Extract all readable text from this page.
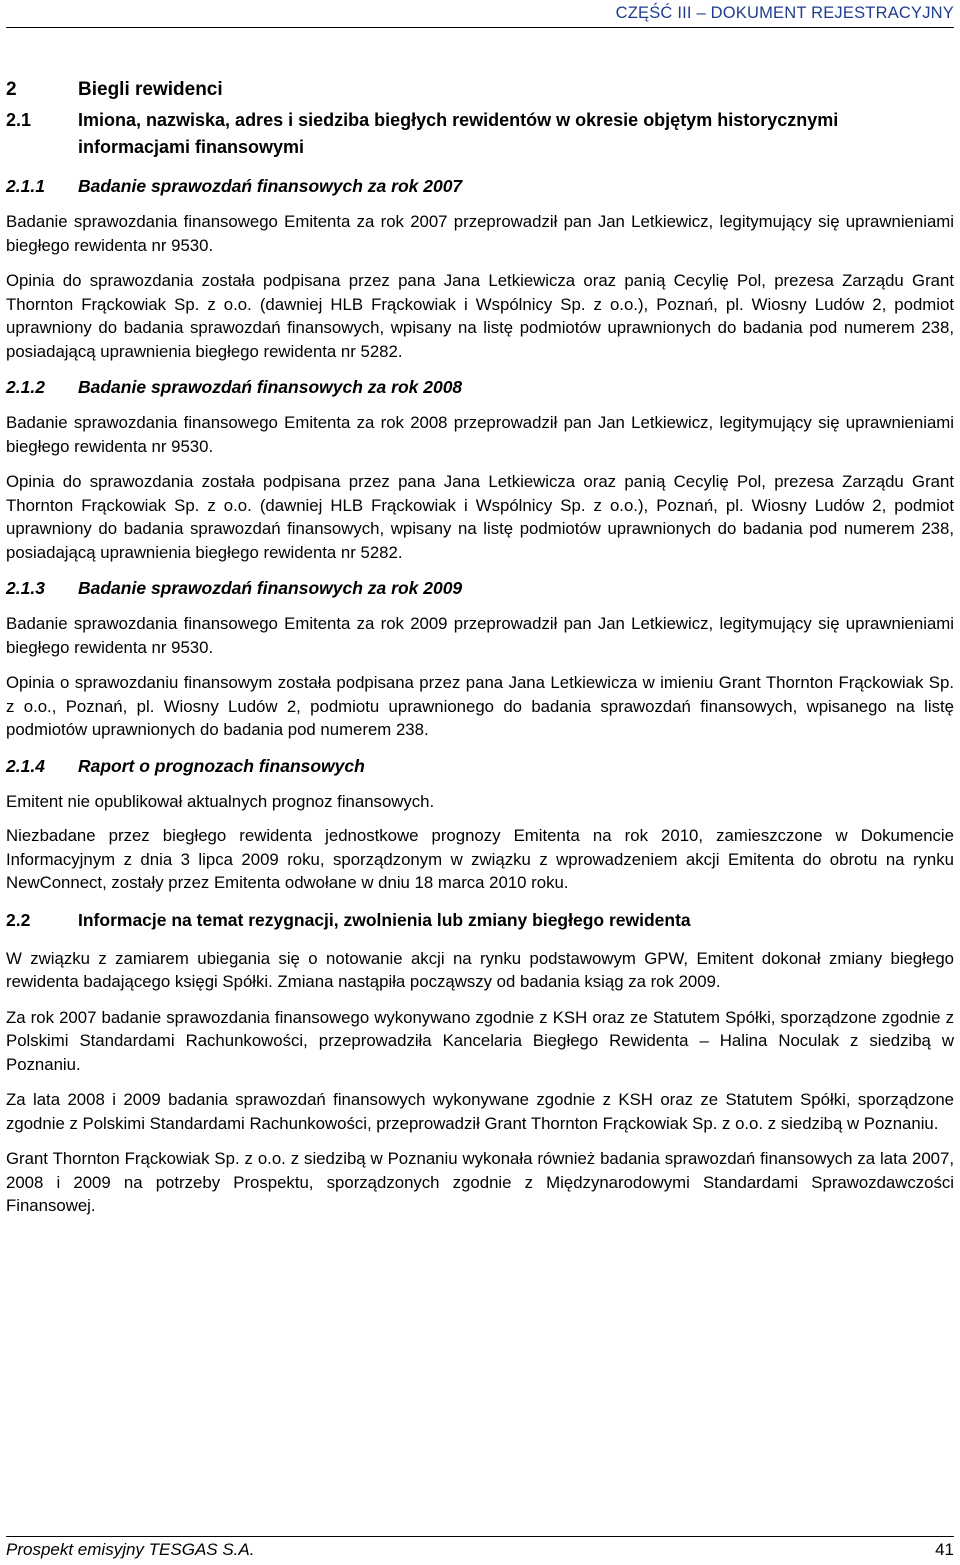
CZĘŚĆ III – DOKUMENT REJESTRACYJNY
2	Biegli rewidenci
2.1	Imiona, nazwiska, adres i siedziba biegłych rewidentów w okresie objętym historycznymi informacjami finansowymi
2.1.1	Badanie sprawozdań finansowych za rok 2007

Badanie sprawozdania finansowego Emitenta za rok 2007 przeprowadził pan Jan Letkiewicz, legitymujący się uprawnieniami biegłego rewidenta nr 9530.

Opinia do sprawozdania została podpisana przez pana Jana Letkiewicza oraz panią Cecylię Pol, prezesa Zarządu Grant Thornton Frąckowiak Sp. z o.o. (dawniej HLB Frąckowiak i Wspólnicy Sp. z o.o.), Poznań, pl. Wiosny Ludów 2, podmiot uprawniony do badania sprawozdań finansowych, wpisany na listę podmiotów uprawnionych do badania pod numerem 238, posiadającą uprawnienia biegłego rewidenta nr 5282.

2.1.2	Badanie sprawozdań finansowych za rok 2008

Badanie sprawozdania finansowego Emitenta za rok 2008 przeprowadził pan Jan Letkiewicz, legitymujący się uprawnieniami biegłego rewidenta nr 9530.

Opinia do sprawozdania została podpisana przez pana Jana Letkiewicza oraz panią Cecylię Pol, prezesa Zarządu Grant Thornton Frąckowiak Sp. z o.o. (dawniej HLB Frąckowiak i Wspólnicy Sp. z o.o.), Poznań, pl. Wiosny Ludów 2, podmiot uprawniony do badania sprawozdań finansowych, wpisany na listę podmiotów uprawnionych do badania pod numerem 238, posiadającą uprawnienia biegłego rewidenta nr 5282.

2.1.3	Badanie sprawozdań finansowych za rok 2009

Badanie sprawozdania finansowego Emitenta za rok 2009 przeprowadził pan Jan Letkiewicz, legitymujący się uprawnieniami biegłego rewidenta nr 9530.

Opinia o sprawozdaniu finansowym została podpisana przez pana Jana Letkiewicza w imieniu Grant Thornton Frąckowiak Sp. z o.o., Poznań, pl. Wiosny Ludów 2, podmiotu uprawnionego do badania sprawozdań finansowych, wpisanego na listę podmiotów uprawnionych do badania pod numerem 238.

2.1.4	Raport o prognozach finansowych

Emitent nie opublikował aktualnych prognoz finansowych.

Niezbadane przez biegłego rewidenta jednostkowe prognozy Emitenta na rok 2010, zamieszczone w Dokumencie Informacyjnym z dnia 3 lipca 2009 roku, sporządzonym w związku z wprowadzeniem akcji Emitenta do obrotu na rynku NewConnect, zostały przez Emitenta odwołane w dniu 18 marca 2010 roku.

2.2	Informacje na temat rezygnacji, zwolnienia lub zmiany biegłego rewidenta

W związku z zamiarem ubiegania się o notowanie akcji na rynku podstawowym GPW, Emitent dokonał zmiany biegłego rewidenta badającego księgi Spółki. Zmiana nastąpiła począwszy od badania ksiąg za rok 2009.

Za rok 2007 badanie sprawozdania finansowego wykonywano zgodnie z KSH oraz ze Statutem Spółki, sporządzone zgodnie z Polskimi Standardami Rachunkowości, przeprowadziła Kancelaria Biegłego Rewidenta – Halina Noculak z siedzibą w Poznaniu.

Za lata 2008 i 2009 badania sprawozdań finansowych wykonywane zgodnie z KSH oraz ze Statutem Spółki, sporządzone zgodnie z Polskimi Standardami Rachunkowości, przeprowadził Grant Thornton Frąckowiak Sp. z o.o. z siedzibą w Poznaniu.

Grant Thornton Frąckowiak Sp. z o.o. z siedzibą w Poznaniu wykonała również badania sprawozdań finansowych za lata 2007, 2008 i 2009 na potrzeby Prospektu, sporządzonych zgodnie z Międzynarodowymi Standardami Sprawozdawczości Finansowej.

Prospekt emisyjny TESGAS S.A.	41
